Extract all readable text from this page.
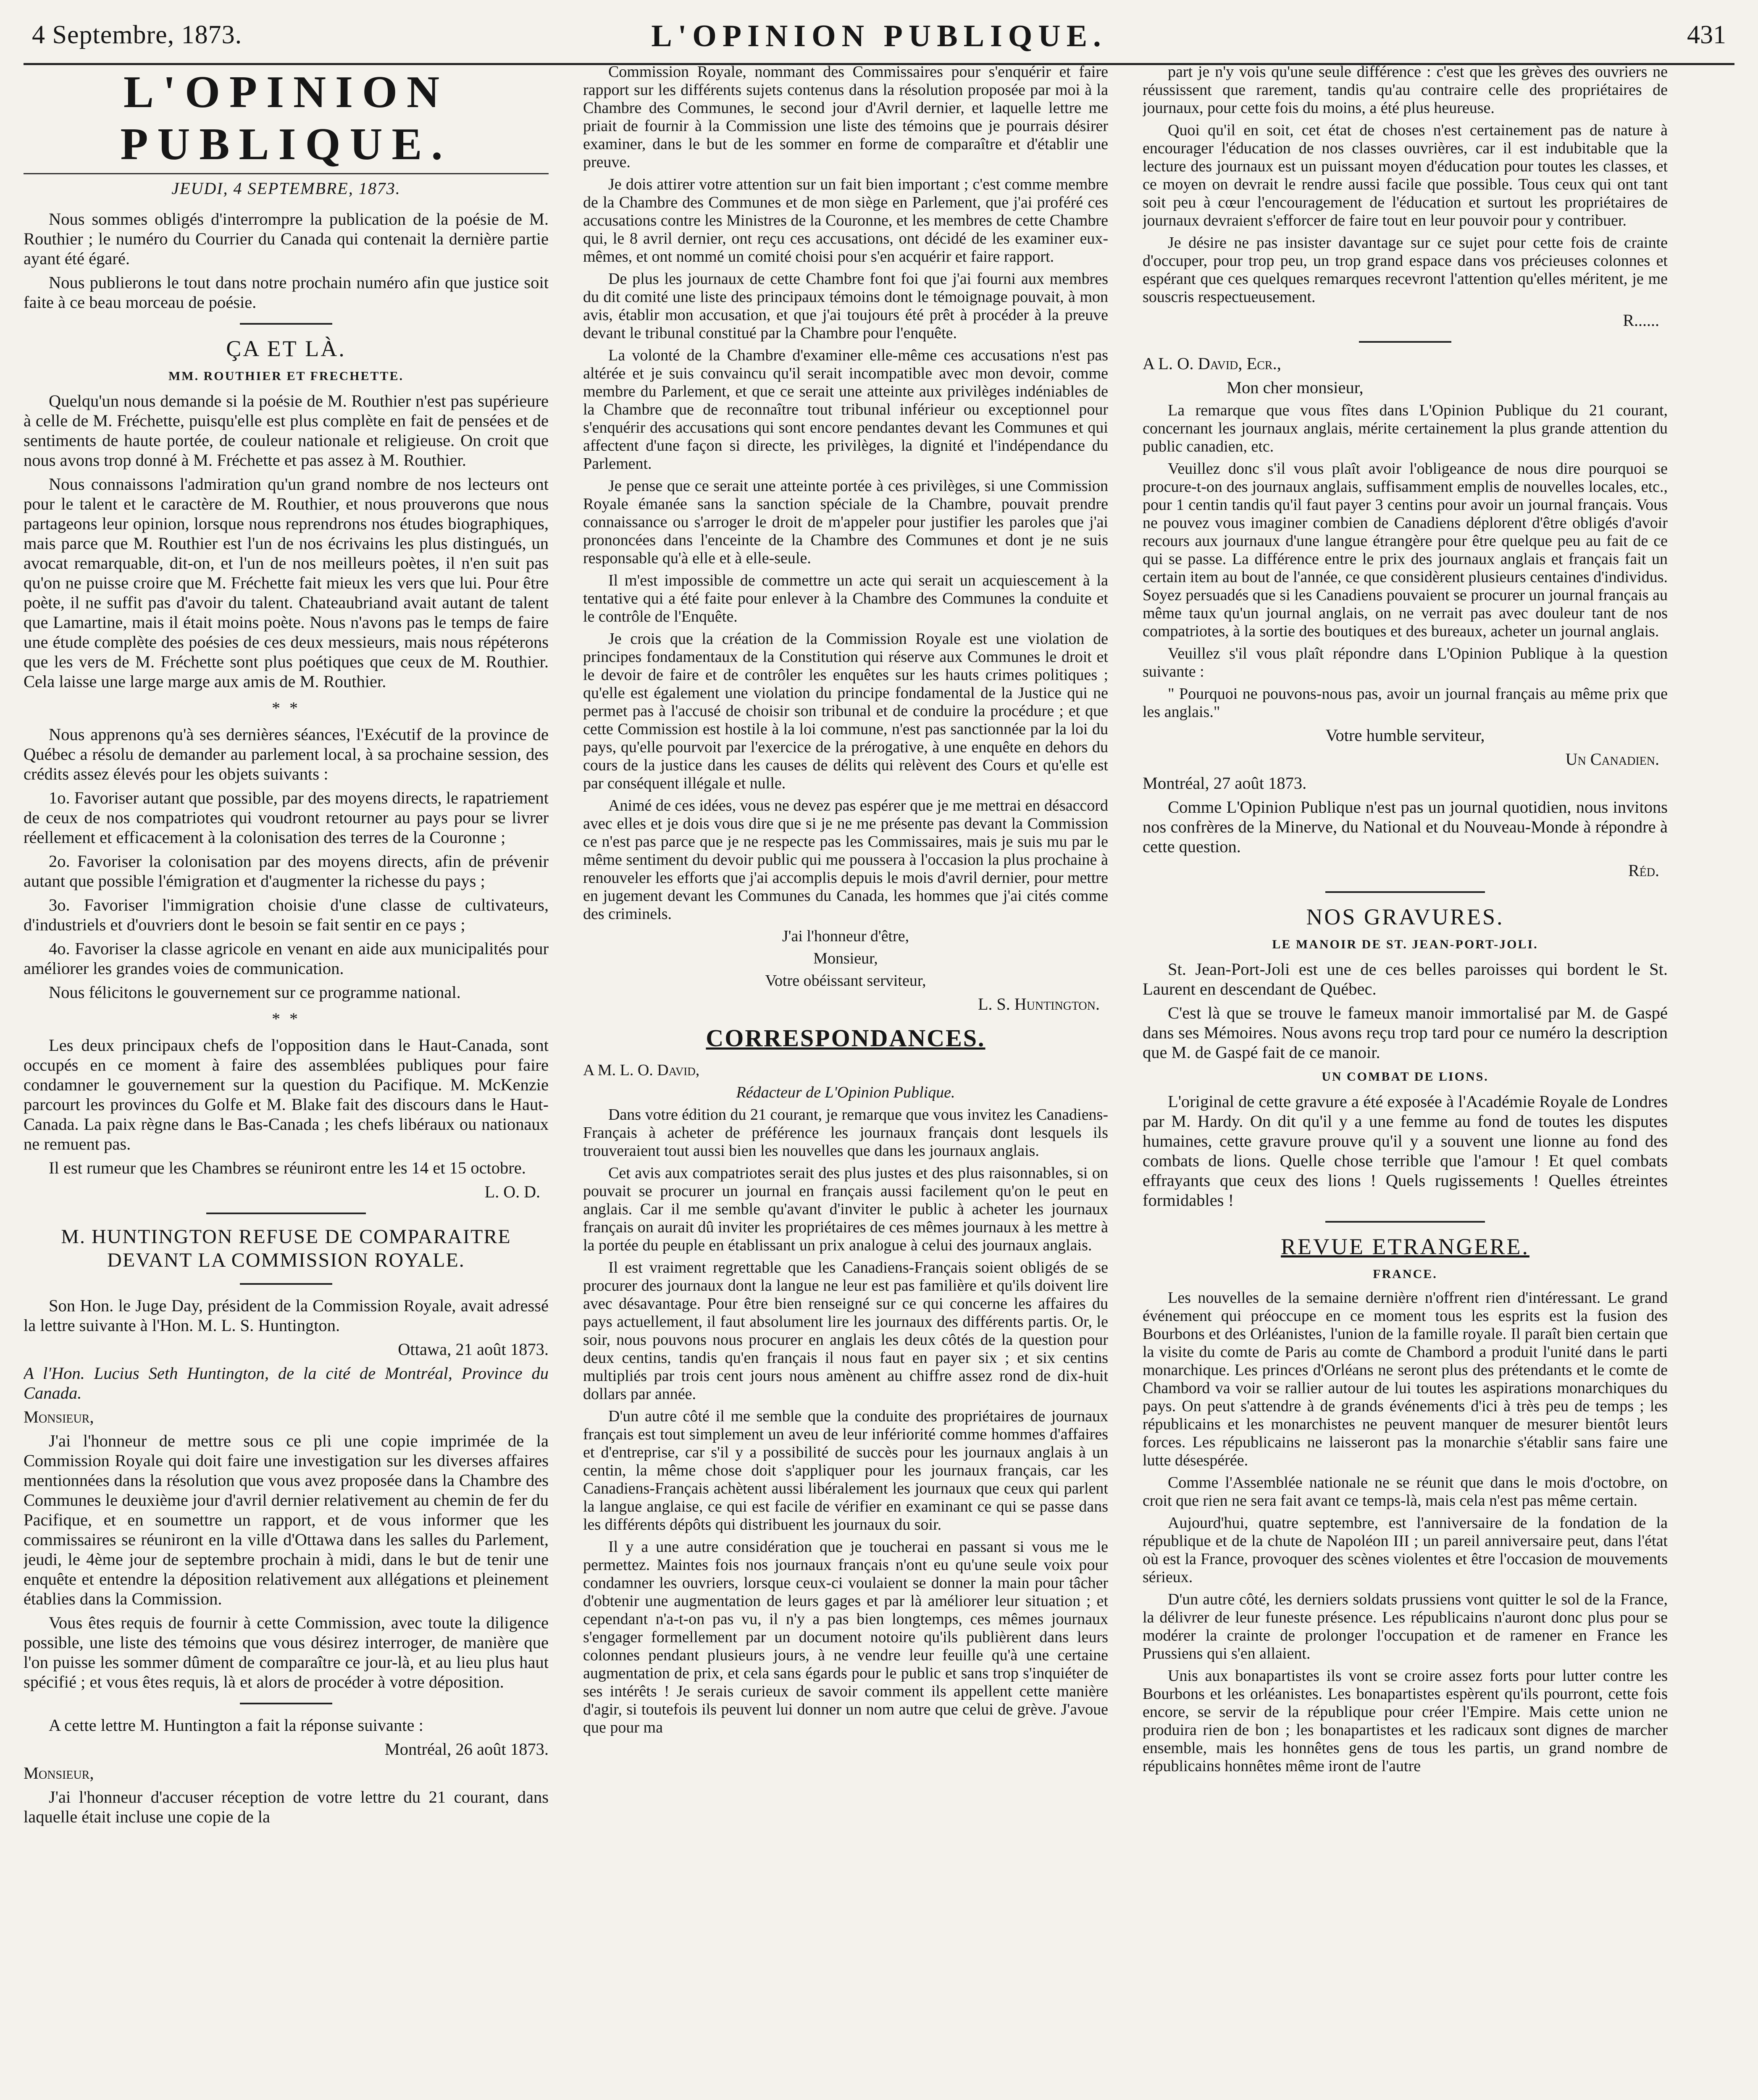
4 Septembre, 1873.	L'OPINION PUBLIQUE.	431
L'OPINION PUBLIQUE.
JEUDI, 4 SEPTEMBRE, 1873.

Nous sommes obligés d'interrompre la publication de la poésie de M. Routhier ; le numéro du Courrier du Canada qui contenait la dernière partie ayant été égaré.

Nous publierons le tout dans notre prochain numéro afin que justice soit faite à ce beau morceau de poésie.

ÇA ET LÀ.
MM. ROUTHIER ET FRECHETTE.

Quelqu'un nous demande si la poésie de M. Routhier n'est pas supérieure à celle de M. Fréchette, puisqu'elle est plus complète en fait de pensées et de sentiments de haute portée, de couleur nationale et religieuse. On croit que nous avons trop donné à M. Fréchette et pas assez à M. Routhier.

Nous connaissons l'admiration qu'un grand nombre de nos lecteurs ont pour le talent et le caractère de M. Routhier, et nous prouverons que nous partageons leur opinion, lorsque nous reprendrons nos études biographiques, mais parce que M. Routhier est l'un de nos écrivains les plus distingués, un avocat remarquable, dit-on, et l'un de nos meilleurs poètes, il n'en suit pas qu'on ne puisse croire que M. Fréchette fait mieux les vers que lui. Pour être poète, il ne suffit pas d'avoir du talent. Chateaubriand avait autant de talent que Lamartine, mais il était moins poète. Nous n'avons pas le temps de faire une étude complète des poésies de ces deux messieurs, mais nous répéterons que les vers de M. Fréchette sont plus poétiques que ceux de M. Routhier. Cela laisse une large marge aux amis de M. Routhier.

* *

Nous apprenons qu'à ses dernières séances, l'Exécutif de la province de Québec a résolu de demander au parlement local, à sa prochaine session, des crédits assez élevés pour les objets suivants :

1o. Favoriser autant que possible, par des moyens directs, le rapatriement de ceux de nos compatriotes qui voudront retourner au pays pour se livrer réellement et efficacement à la colonisation des terres de la Couronne ;

2o. Favoriser la colonisation par des moyens directs, afin de prévenir autant que possible l'émigration et d'augmenter la richesse du pays ;

3o. Favoriser l'immigration choisie d'une classe de cultivateurs, d'industriels et d'ouvriers dont le besoin se fait sentir en ce pays ;

4o. Favoriser la classe agricole en venant en aide aux municipalités pour améliorer les grandes voies de communication.

Nous félicitons le gouvernement sur ce programme national.

* *

Les deux principaux chefs de l'opposition dans le Haut-Canada, sont occupés en ce moment à faire des assemblées publiques pour faire condamner le gouvernement sur la question du Pacifique. M. McKenzie parcourt les provinces du Golfe et M. Blake fait des discours dans le Haut-Canada. La paix règne dans le Bas-Canada ; les chefs libéraux ou nationaux ne remuent pas.

Il est rumeur que les Chambres se réuniront entre les 14 et 15 octobre.

L. O. D.
M. HUNTINGTON REFUSE DE COMPARAITRE DEVANT LA COMMISSION ROYALE.

Son Hon. le Juge Day, président de la Commission Royale, avait adressé la lettre suivante à l'Hon. M. L. S. Huntington.

Ottawa, 21 août 1873.

A l'Hon. Lucius Seth Huntington, de la cité de Montréal, Province du Canada.

Monsieur,

J'ai l'honneur de mettre sous ce pli une copie imprimée de la Commission Royale qui doit faire une investigation sur les diverses affaires mentionnées dans la résolution que vous avez proposée dans la Chambre des Communes le deuxième jour d'avril dernier relativement au chemin de fer du Pacifique, et en soumettre un rapport, et de vous informer que les commissaires se réuniront en la ville d'Ottawa dans les salles du Parlement, jeudi, le 4ème jour de septembre prochain à midi, dans le but de tenir une enquête et entendre la déposition relativement aux allégations et pleinement établies dans la Commission.

Vous êtes requis de fournir à cette Commission, avec toute la diligence possible, une liste des témoins que vous désirez interroger, de manière que l'on puisse les sommer dûment de comparaître ce jour-là, et au lieu plus haut spécifié ; et vous êtes requis, là et alors de procéder à votre déposition.

A cette lettre M. Huntington a fait la réponse suivante :

Montréal, 26 août 1873.

Monsieur,

J'ai l'honneur d'accuser réception de votre lettre du 21 courant, dans laquelle était incluse une copie de la

Commission Royale, nommant des Commissaires pour s'enquérir et faire rapport sur les différents sujets contenus dans la résolution proposée par moi à la Chambre des Communes, le second jour d'Avril dernier, et laquelle lettre me priait de fournir à la Commission une liste des témoins que je pourrais désirer examiner, dans le but de les sommer en forme de comparaître et d'établir une preuve.

Je dois attirer votre attention sur un fait bien important ; c'est comme membre de la Chambre des Communes et de mon siège en Parlement, que j'ai proféré ces accusations contre les Ministres de la Couronne, et les membres de cette Chambre qui, le 8 avril dernier, ont reçu ces accusations, ont décidé de les examiner eux-mêmes, et ont nommé un comité choisi pour s'en acquérir et faire rapport.

De plus les journaux de cette Chambre font foi que j'ai fourni aux membres du dit comité une liste des principaux témoins dont le témoignage pouvait, à mon avis, établir mon accusation, et que j'ai toujours été prêt à procéder à la preuve devant le tribunal constitué par la Chambre pour l'enquête.

La volonté de la Chambre d'examiner elle-même ces accusations n'est pas altérée et je suis convaincu qu'il serait incompatible avec mon devoir, comme membre du Parlement, et que ce serait une atteinte aux privilèges indéniables de la Chambre que de reconnaître tout tribunal inférieur ou exceptionnel pour s'enquérir des accusations qui sont encore pendantes devant les Communes et qui affectent d'une façon si directe, les privilèges, la dignité et l'indépendance du Parlement.

Je pense que ce serait une atteinte portée à ces privilèges, si une Commission Royale émanée sans la sanction spéciale de la Chambre, pouvait prendre connaissance ou s'arroger le droit de m'appeler pour justifier les paroles que j'ai prononcées dans l'enceinte de la Chambre des Communes et dont je ne suis responsable qu'à elle et à elle-seule.

Il m'est impossible de commettre un acte qui serait un acquiescement à la tentative qui a été faite pour enlever à la Chambre des Communes la conduite et le contrôle de l'Enquête.

Je crois que la création de la Commission Royale est une violation de principes fondamentaux de la Constitution qui réserve aux Communes le droit et le devoir de faire et de contrôler les enquêtes sur les hauts crimes politiques ; qu'elle est également une violation du principe fondamental de la Justice qui ne permet pas à l'accusé de choisir son tribunal et de conduire la procédure ; et que cette Commission est hostile à la loi commune, n'est pas sanctionnée par la loi du pays, qu'elle pourvoit par l'exercice de la prérogative, à une enquête en dehors du cours de la justice dans les causes de délits qui relèvent des Cours et qu'elle est par conséquent illégale et nulle.

Animé de ces idées, vous ne devez pas espérer que je me mettrai en désaccord avec elles et je dois vous dire que si je ne me présente pas devant la Commission ce n'est pas parce que je ne respecte pas les Commissaires, mais je suis mu par le même sentiment du devoir public qui me poussera à l'occasion la plus prochaine à renouveler les efforts que j'ai accomplis depuis le mois d'avril dernier, pour mettre en jugement devant les Communes du Canada, les hommes que j'ai cités comme des criminels.

J'ai l'honneur d'être,

Monsieur,

Votre obéissant serviteur,

L. S. Huntington.
CORRESPONDANCES.

A M. L. O. David,

Rédacteur de L'Opinion Publique.

Dans votre édition du 21 courant, je remarque que vous invitez les Canadiens-Français à acheter de préférence les journaux français dont lesquels ils trouveraient tout aussi bien les nouvelles que dans les journaux anglais.

Cet avis aux compatriotes serait des plus justes et des plus raisonnables, si on pouvait se procurer un journal en français aussi facilement qu'on le peut en anglais. Car il me semble qu'avant d'inviter le public à acheter les journaux français on aurait dû inviter les propriétaires de ces mêmes journaux à les mettre à la portée du peuple en établissant un prix analogue à celui des journaux anglais.

Il est vraiment regrettable que les Canadiens-Français soient obligés de se procurer des journaux dont la langue ne leur est pas familière et qu'ils doivent lire avec désavantage. Pour être bien renseigné sur ce qui concerne les affaires du pays actuellement, il faut absolument lire les journaux des différents partis. Or, le soir, nous pouvons nous procurer en anglais les deux côtés de la question pour deux centins, tandis qu'en français il nous faut en payer six ; et six centins multipliés par trois cent jours nous amènent au chiffre assez rond de dix-huit dollars par année.

D'un autre côté il me semble que la conduite des propriétaires de journaux français est tout simplement un aveu de leur infériorité comme hommes d'affaires et d'entreprise, car s'il y a possibilité de succès pour les journaux anglais à un centin, la même chose doit s'appliquer pour les journaux français, car les Canadiens-Français achètent aussi libéralement les journaux que ceux qui parlent la langue anglaise, ce qui est facile de vérifier en examinant ce qui se passe dans les différents dépôts qui distribuent les journaux du soir.

Il y a une autre considération que je toucherai en passant si vous me le permettez. Maintes fois nos journaux français n'ont eu qu'une seule voix pour condamner les ouvriers, lorsque ceux-ci voulaient se donner la main pour tâcher d'obtenir une augmentation de leurs gages et par là améliorer leur situation ; et cependant n'a-t-on pas vu, il n'y a pas bien longtemps, ces mêmes journaux s'engager formellement par un document notoire qu'ils publièrent dans leurs colonnes pendant plusieurs jours, à ne vendre leur feuille qu'à une certaine augmentation de prix, et cela sans égards pour le public et sans trop s'inquiéter de ses intérêts ! Je serais curieux de savoir comment ils appellent cette manière d'agir, si toutefois ils peuvent lui donner un nom autre que celui de grève. J'avoue que pour ma

part je n'y vois qu'une seule différence : c'est que les grèves des ouvriers ne réussissent que rarement, tandis qu'au contraire celle des propriétaires de journaux, pour cette fois du moins, a été plus heureuse.

Quoi qu'il en soit, cet état de choses n'est certainement pas de nature à encourager l'éducation de nos classes ouvrières, car il est indubitable que la lecture des journaux est un puissant moyen d'éducation pour toutes les classes, et ce moyen on devrait le rendre aussi facile que possible. Tous ceux qui ont tant soit peu à cœur l'encouragement de l'éducation et surtout les propriétaires de journaux devraient s'efforcer de faire tout en leur pouvoir pour y contribuer.

Je désire ne pas insister davantage sur ce sujet pour cette fois de crainte d'occuper, pour trop peu, un trop grand espace dans vos précieuses colonnes et espérant que ces quelques remarques recevront l'attention qu'elles méritent, je me souscris respectueusement.

R......

A L. O. David, Ecr.,

Mon cher monsieur,

La remarque que vous fîtes dans L'Opinion Publique du 21 courant, concernant les journaux anglais, mérite certainement la plus grande attention du public canadien, etc.

Veuillez donc s'il vous plaît avoir l'obligeance de nous dire pourquoi se procure-t-on des journaux anglais, suffisamment emplis de nouvelles locales, etc., pour 1 centin tandis qu'il faut payer 3 centins pour avoir un journal français. Vous ne pouvez vous imaginer combien de Canadiens déplorent d'être obligés d'avoir recours aux journaux d'une langue étrangère pour être quelque peu au fait de ce qui se passe. La différence entre le prix des journaux anglais et français fait un certain item au bout de l'année, ce que considèrent plusieurs centaines d'individus. Soyez persuadés que si les Canadiens pouvaient se procurer un journal français au même taux qu'un journal anglais, on ne verrait pas avec douleur tant de nos compatriotes, à la sortie des boutiques et des bureaux, acheter un journal anglais.

Veuillez s'il vous plaît répondre dans L'Opinion Publique à la question suivante :

" Pourquoi ne pouvons-nous pas, avoir un journal français au même prix que les anglais."

Votre humble serviteur,

Un Canadien.

Montréal, 27 août 1873.

Comme L'Opinion Publique n'est pas un journal quotidien, nous invitons nos confrères de la Minerve, du National et du Nouveau-Monde à répondre à cette question.

Réd.
NOS GRAVURES.
LE MANOIR DE ST. JEAN-PORT-JOLI.

St. Jean-Port-Joli est une de ces belles paroisses qui bordent le St. Laurent en descendant de Québec.

C'est là que se trouve le fameux manoir immortalisé par M. de Gaspé dans ses Mémoires. Nous avons reçu trop tard pour ce numéro la description que M. de Gaspé fait de ce manoir.

UN COMBAT DE LIONS.

L'original de cette gravure a été exposée à l'Académie Royale de Londres par M. Hardy. On dit qu'il y a une femme au fond de toutes les disputes humaines, cette gravure prouve qu'il y a souvent une lionne au fond des combats de lions. Quelle chose terrible que l'amour ! Et quel combats effrayants que ceux des lions ! Quels rugissements ! Quelles étreintes formidables !

REVUE ETRANGERE.
FRANCE.

Les nouvelles de la semaine dernière n'offrent rien d'intéressant. Le grand événement qui préoccupe en ce moment tous les esprits est la fusion des Bourbons et des Orléanistes, l'union de la famille royale. Il paraît bien certain que la visite du comte de Paris au comte de Chambord a produit l'unité dans le parti monarchique. Les princes d'Orléans ne seront plus des prétendants et le comte de Chambord va voir se rallier autour de lui toutes les aspirations monarchiques du pays. On peut s'attendre à de grands événements d'ici à très peu de temps ; les républicains et les monarchistes ne peuvent manquer de mesurer bientôt leurs forces. Les républicains ne laisseront pas la monarchie s'établir sans faire une lutte désespérée.

Comme l'Assemblée nationale ne se réunit que dans le mois d'octobre, on croit que rien ne sera fait avant ce temps-là, mais cela n'est pas même certain.

Aujourd'hui, quatre septembre, est l'anniversaire de la fondation de la république et de la chute de Napoléon III ; un pareil anniversaire peut, dans l'état où est la France, provoquer des scènes violentes et être l'occasion de mouvements sérieux.

D'un autre côté, les derniers soldats prussiens vont quitter le sol de la France, la délivrer de leur funeste présence. Les républicains n'auront donc plus pour se modérer la crainte de prolonger l'occupation et de ramener en France les Prussiens qui s'en allaient.

Unis aux bonapartistes ils vont se croire assez forts pour lutter contre les Bourbons et les orléanistes. Les bonapartistes espèrent qu'ils pourront, cette fois encore, se servir de la république pour créer l'Empire. Mais cette union ne produira rien de bon ; les bonapartistes et les radicaux sont dignes de marcher ensemble, mais les honnêtes gens de tous les partis, un grand nombre de républicains honnêtes même iront de l'autre
